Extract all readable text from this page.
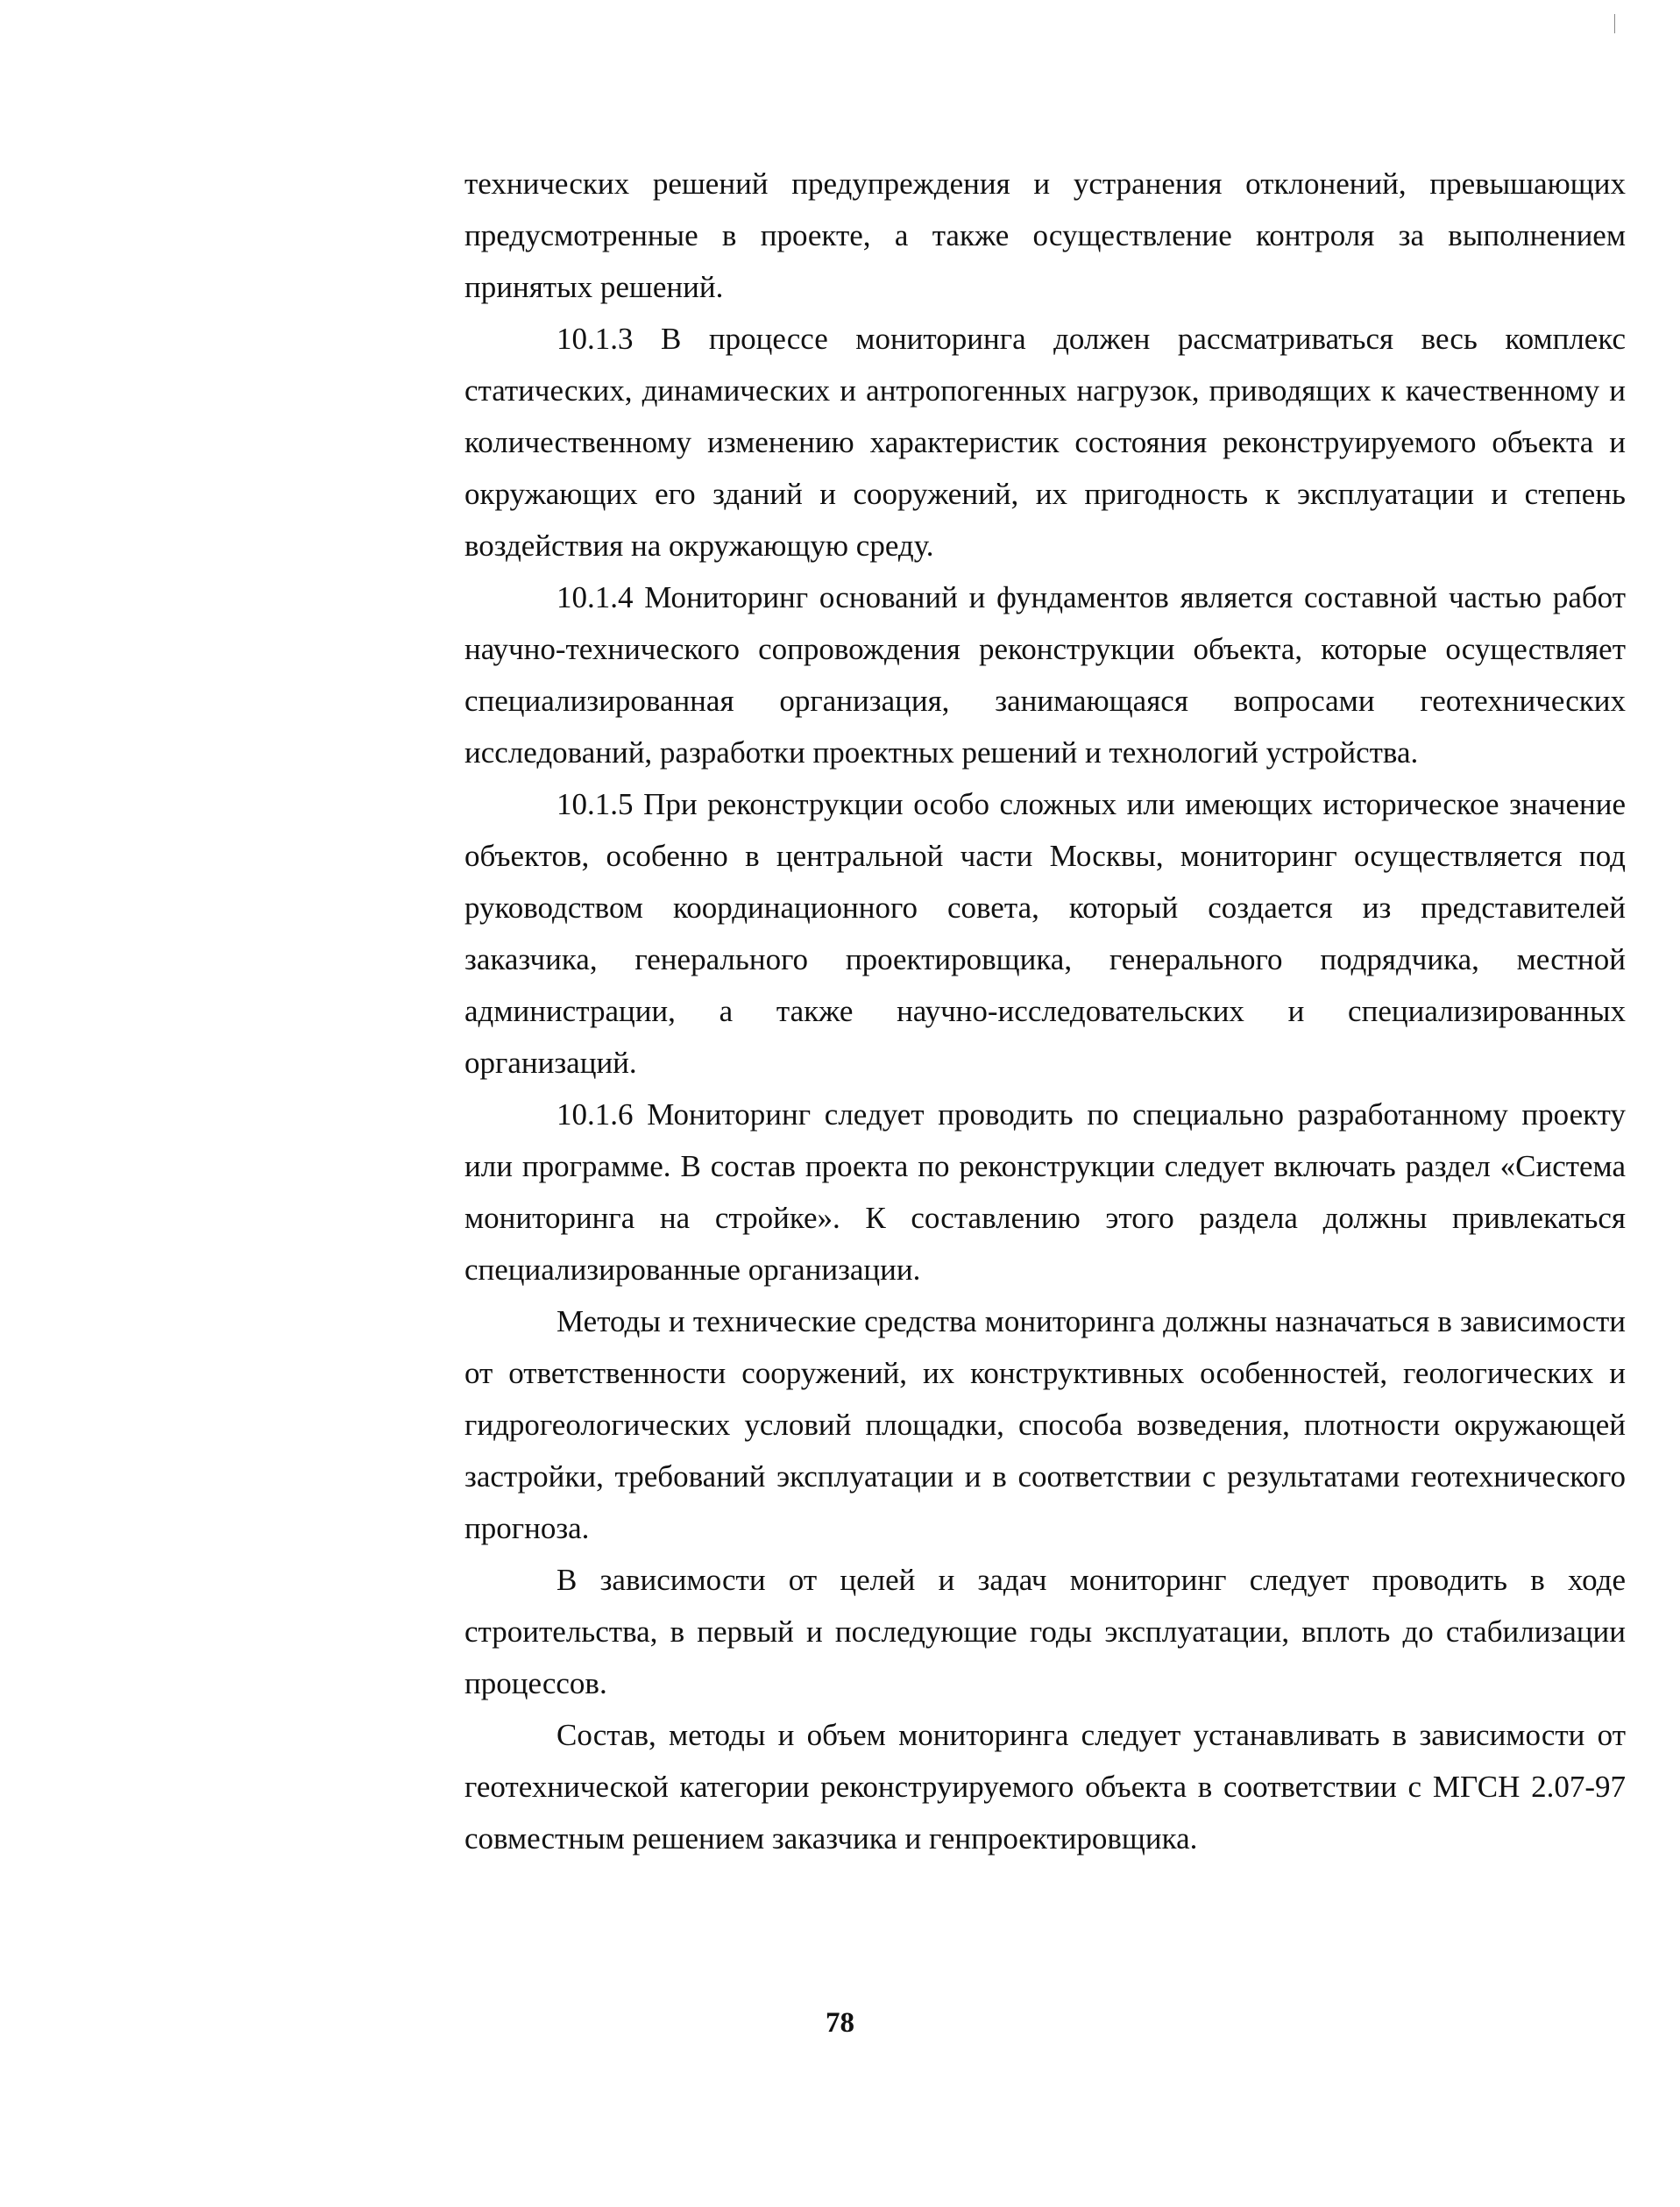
технических решений предупреждения и устранения отклонений, превышающих предусмотренные в проекте, а также осуществление контроля за выполнением принятых решений.

10.1.3 В процессе мониторинга должен рассматриваться весь комплекс статических, динамических и антропогенных нагрузок, приводящих к качественному и количественному изменению характеристик состояния реконструируемого объекта и окружающих его зданий и сооружений, их пригодность к эксплуатации и степень воздействия на окружающую среду.

10.1.4 Мониторинг оснований и фундаментов является составной частью работ научно-технического сопровождения реконструкции объекта, которые осуществляет специализированная организация, занимающаяся вопросами геотехнических исследований, разработки проектных решений и технологий устройства.

10.1.5 При реконструкции особо сложных или имеющих историческое значение объектов, особенно в центральной части Москвы, мониторинг осуществляется под руководством координационного совета, который создается из представителей заказчика, генерального проектировщика, генерального подрядчика, местной администрации, а также научно-исследовательских и специализированных организаций.

10.1.6 Мониторинг следует проводить по специально разработанному проекту или программе. В состав проекта по реконструкции следует включать раздел «Система мониторинга на стройке». К составлению этого раздела должны привлекаться специализированные организации.

Методы и технические средства мониторинга должны назначаться в зависимости от ответственности сооружений, их конструктивных особенностей, геологических и гидрогеологических условий площадки, способа возведения, плотности окружающей застройки, требований эксплуатации и в соответствии с результатами геотехнического прогноза.

В зависимости от целей и задач мониторинг следует проводить в ходе строительства, в первый и последующие годы эксплуатации, вплоть до стабилизации процессов.

Состав, методы и объем мониторинга следует устанавливать в зависимости от геотехнической категории реконструируемого объекта в соответствии с МГСН 2.07-97 совместным решением заказчика и генпроектировщика.

78
